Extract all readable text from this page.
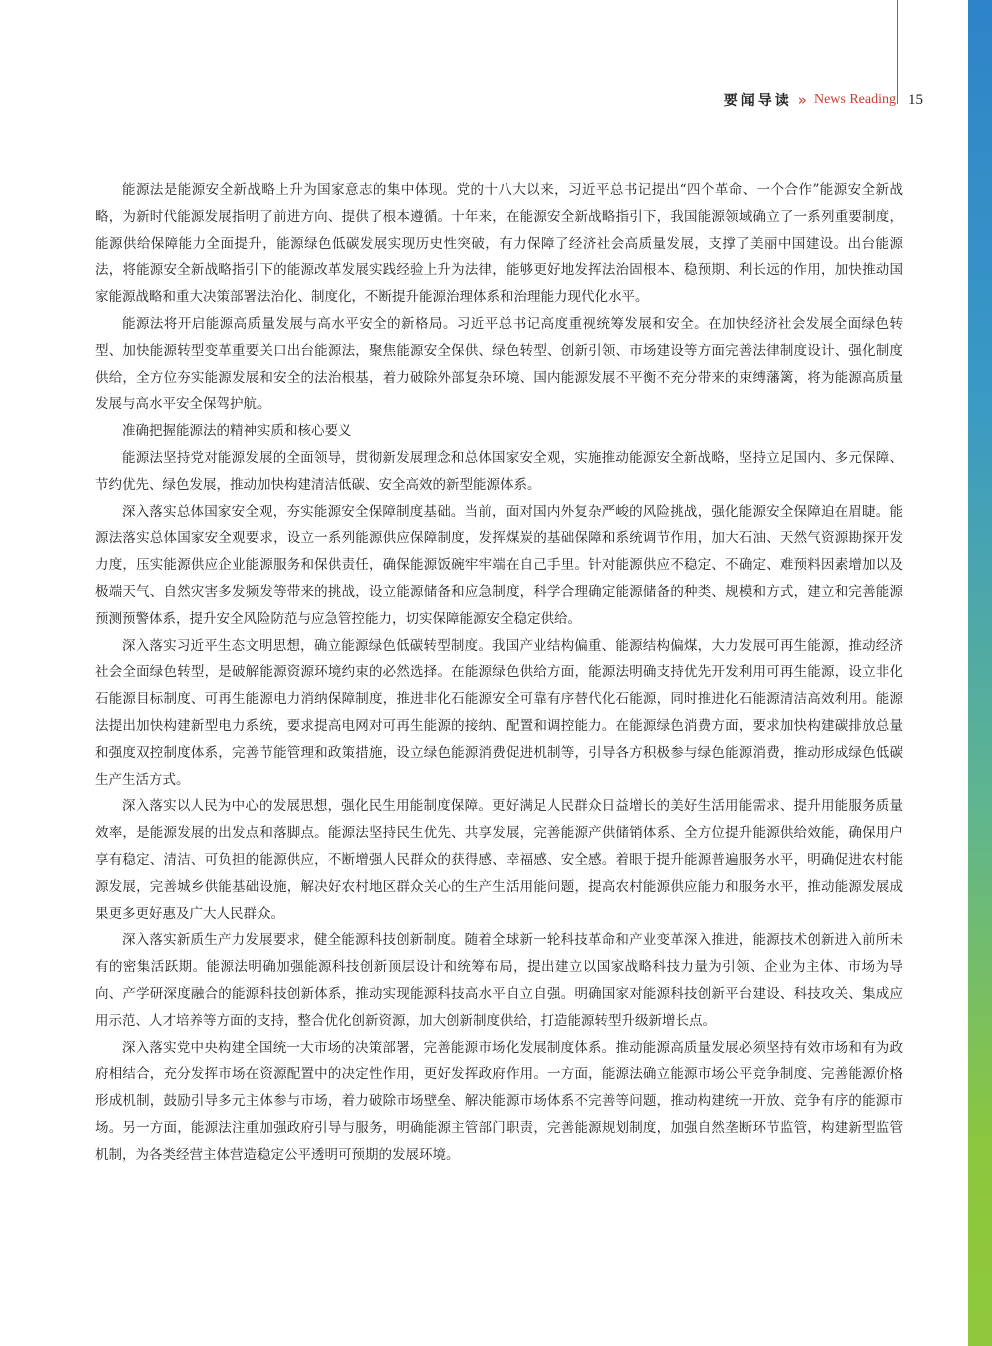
要闻导读 » News Reading 15

能源法是能源安全新战略上升为国家意志的集中体现。党的十八大以来，习近平总书记提出“四个革命、一个合作”能源安全新战略，为新时代能源发展指明了前进方向、提供了根本遵循。十年来，在能源安全新战略指引下，我国能源领域确立了一系列重要制度，能源供给保障能力全面提升，能源绿色低碳发展实现历史性突破，有力保障了经济社会高质量发展，支撑了美丽中国建设。出台能源法，将能源安全新战略指引下的能源改革发展实践经验上升为法律，能够更好地发挥法治固根本、稳预期、利长远的作用，加快推动国家能源战略和重大决策部署法治化、制度化，不断提升能源治理体系和治理能力现代化水平。

能源法将开启能源高质量发展与高水平安全的新格局。习近平总书记高度重视统筹发展和安全。在加快经济社会发展全面绿色转型、加快能源转型变革重要关口出台能源法，聚焦能源安全保供、绿色转型、创新引领、市场建设等方面完善法律制度设计、强化制度供给，全方位夯实能源发展和安全的法治根基，着力破除外部复杂环境、国内能源发展不平衡不充分带来的束缚藩篱，将为能源高质量发展与高水平安全保驾护航。

准确把握能源法的精神实质和核心要义

能源法坚持党对能源发展的全面领导，贯彻新发展理念和总体国家安全观，实施推动能源安全新战略，坚持立足国内、多元保障、节约优先、绿色发展，推动加快构建清洁低碳、安全高效的新型能源体系。

深入落实总体国家安全观，夯实能源安全保障制度基础。当前，面对国内外复杂严峻的风险挑战，强化能源安全保障迫在眉睫。能源法落实总体国家安全观要求，设立一系列能源供应保障制度，发挥煤炭的基础保障和系统调节作用，加大石油、天然气资源勘探开发力度，压实能源供应企业能源服务和保供责任，确保能源饭碗牢牢端在自己手里。针对能源供应不稳定、不确定、难预料因素增加以及极端天气、自然灾害多发频发等带来的挑战，设立能源储备和应急制度，科学合理确定能源储备的种类、规模和方式，建立和完善能源预测预警体系，提升安全风险防范与应急管控能力，切实保障能源安全稳定供给。

深入落实习近平生态文明思想，确立能源绿色低碳转型制度。我国产业结构偏重、能源结构偏煤，大力发展可再生能源，推动经济社会全面绿色转型，是破解能源资源环境约束的必然选择。在能源绿色供给方面，能源法明确支持优先开发利用可再生能源，设立非化石能源目标制度、可再生能源电力消纳保障制度，推进非化石能源安全可靠有序替代化石能源，同时推进化石能源清洁高效利用。能源法提出加快构建新型电力系统，要求提高电网对可再生能源的接纳、配置和调控能力。在能源绿色消费方面，要求加快构建碳排放总量和强度双控制度体系，完善节能管理和政策措施，设立绿色能源消费促进机制等，引导各方积极参与绿色能源消费，推动形成绿色低碳生产生活方式。

深入落实以人民为中心的发展思想，强化民生用能制度保障。更好满足人民群众日益增长的美好生活用能需求、提升用能服务质量效率，是能源发展的出发点和落脚点。能源法坚持民生优先、共享发展，完善能源产供储销体系、全方位提升能源供给效能，确保用户享有稳定、清洁、可负担的能源供应，不断增强人民群众的获得感、幸福感、安全感。着眼于提升能源普遍服务水平，明确促进农村能源发展，完善城乡供能基础设施，解决好农村地区群众关心的生产生活用能问题，提高农村能源供应能力和服务水平，推动能源发展成果更多更好惠及广大人民群众。

深入落实新质生产力发展要求，健全能源科技创新制度。随着全球新一轮科技革命和产业变革深入推进，能源技术创新进入前所未有的密集活跃期。能源法明确加强能源科技创新顶层设计和统筹布局，提出建立以国家战略科技力量为引领、企业为主体、市场为导向、产学研深度融合的能源科技创新体系，推动实现能源科技高水平自立自强。明确国家对能源科技创新平台建设、科技攻关、集成应用示范、人才培养等方面的支持，整合优化创新资源，加大创新制度供给，打造能源转型升级新增长点。

深入落实党中央构建全国统一大市场的决策部署，完善能源市场化发展制度体系。推动能源高质量发展必须坚持有效市场和有为政府相结合，充分发挥市场在资源配置中的决定性作用，更好发挥政府作用。一方面，能源法确立能源市场公平竞争制度、完善能源价格形成机制，鼓励引导多元主体参与市场，着力破除市场壁垒、解决能源市场体系不完善等问题，推动构建统一开放、竞争有序的能源市场。另一方面，能源法注重加强政府引导与服务，明确能源主管部门职责，完善能源规划制度，加强自然垄断环节监管，构建新型监管机制，为各类经营主体营造稳定公平透明可预期的发展环境。
